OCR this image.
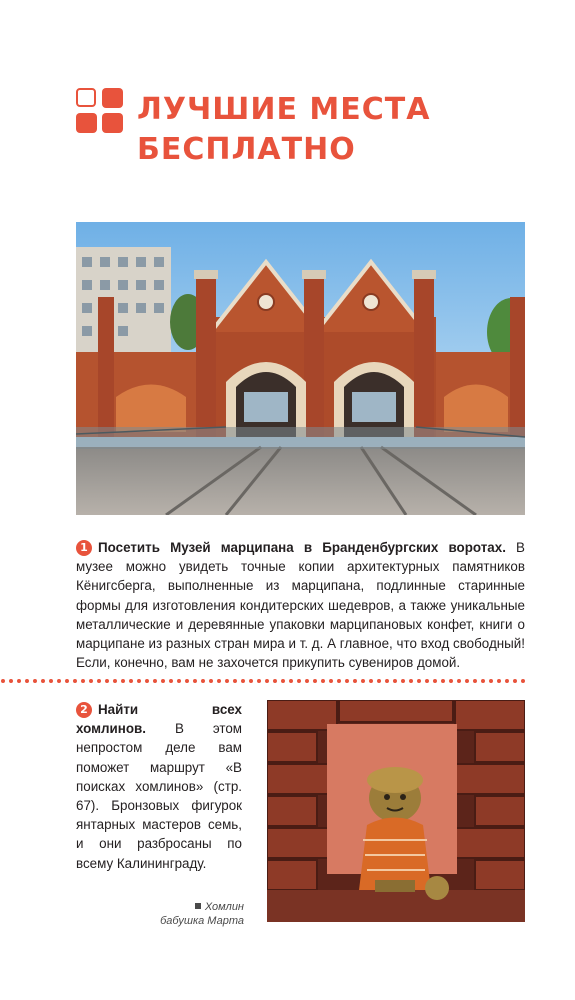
ЛУЧШИЕ МЕСТА
БЕСПЛАТНО

1 Посетить Музей марципана в Бранденбургских воротах. В музее можно увидеть точные копии архитектурных памятников Кёнигсберга, выполненные из марципана, подлинные старинные формы для изготовления кондитерских шедевров, а также уникальные металлические и деревянные упаковки марципановых конфет, книги о марципане из разных стран мира и т. д. А главное, что вход свободный! Если, конечно, вам не захочется прикупить сувениров домой.

2 Найти всех хомлинов. В этом непростом деле вам поможет маршрут «В поисках хомлинов» (стр. 67). Бронзовых фигурок янтарных мастеров семь, и они разбросаны по всему Калининграду.

Хомлин
бабушка Марта
